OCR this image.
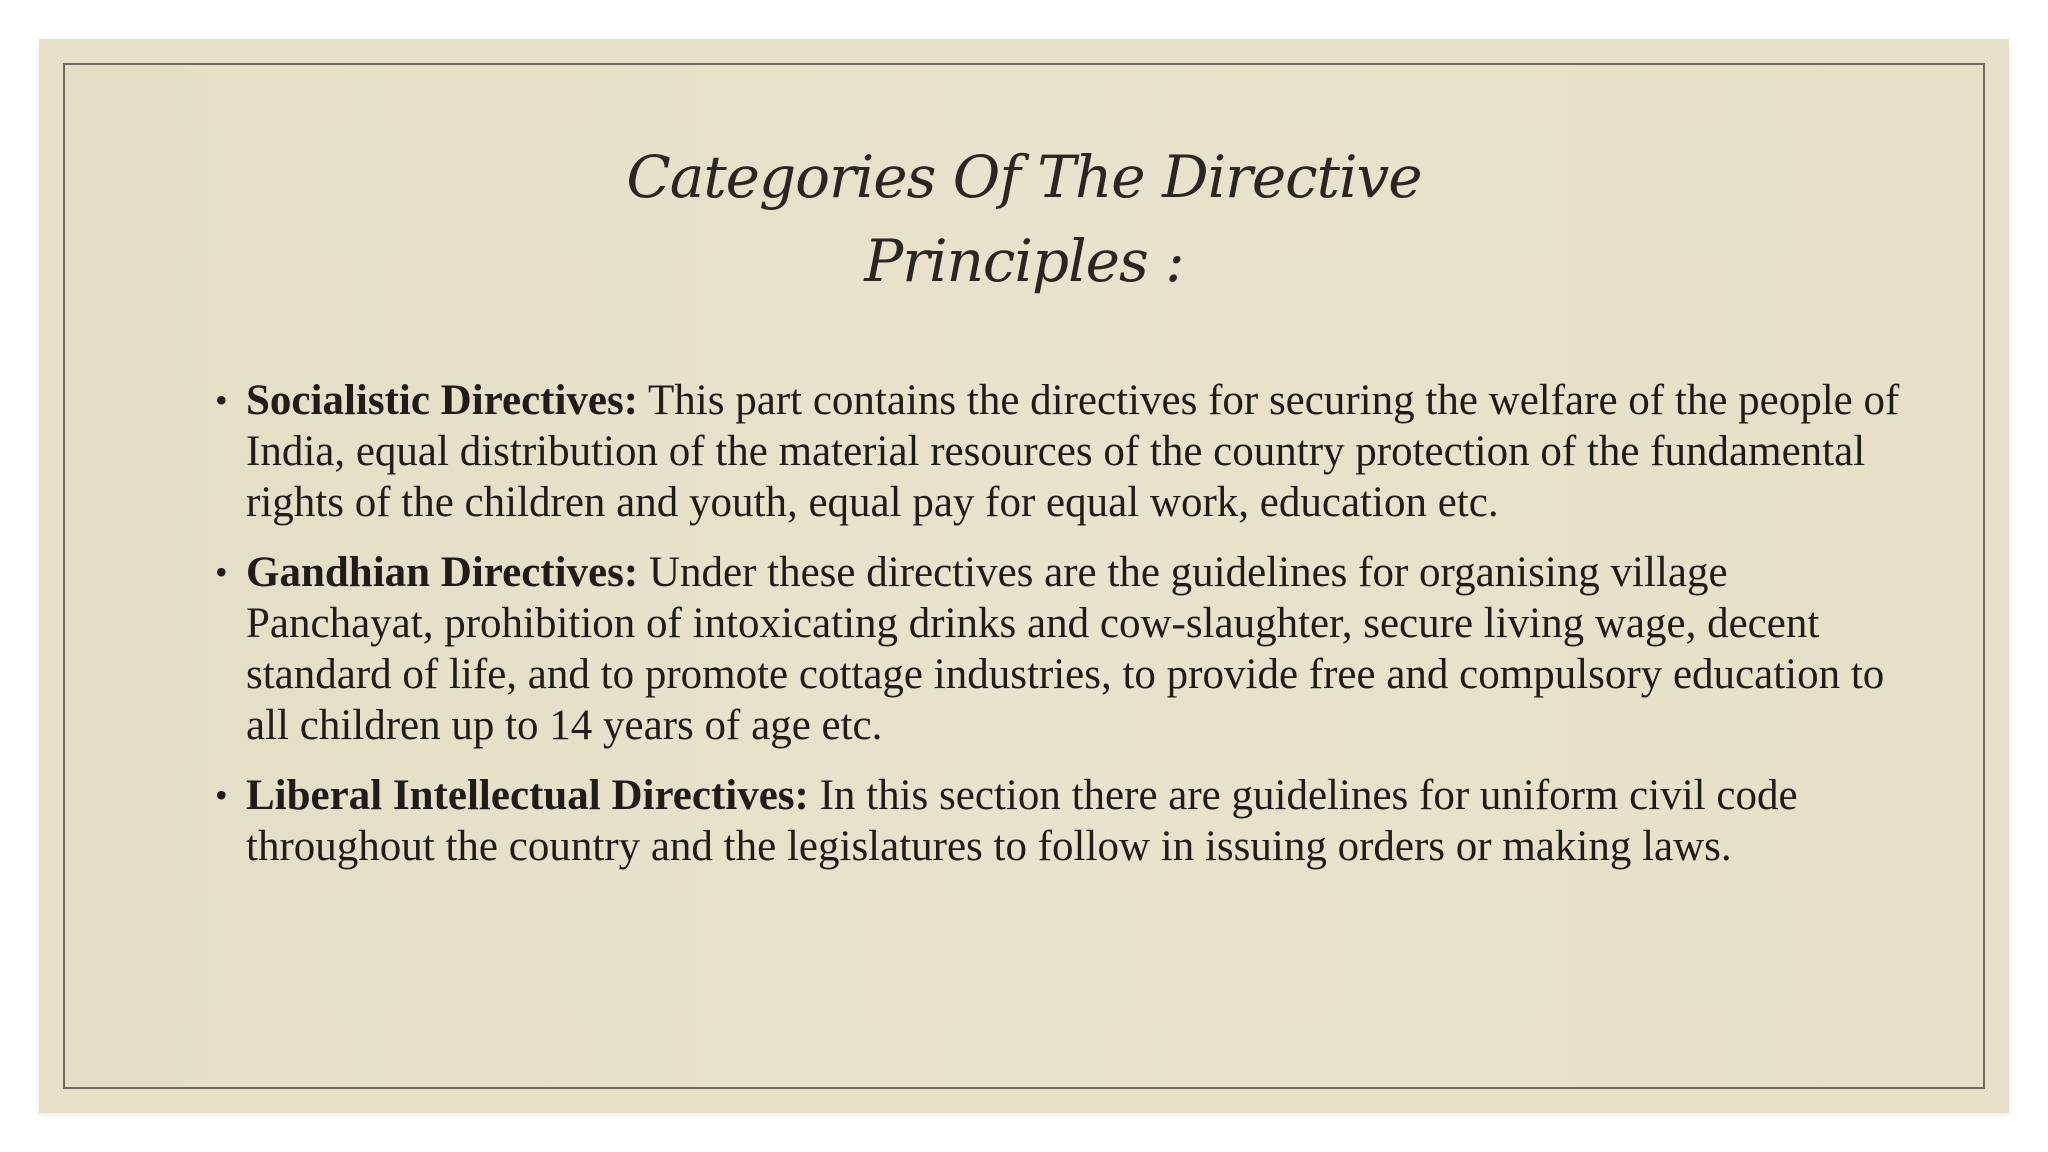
Categories Of The Directive
Principles :
• Socialistic Directives: This part contains the directives for securing the welfare of the people of India, equal distribution of the material resources of the country protection of the fundamental rights of the children and youth, equal pay for equal work, education etc.
• Gandhian Directives: Under these directives are the guidelines for organising village Panchayat, prohibition of intoxicating drinks and cow-slaughter, secure living wage, decent standard of life, and to promote cottage industries, to provide free and compulsory education to all children up to 14 years of age etc.
• Liberal Intellectual Directives: In this section there are guidelines for uniform civil code throughout the country and the legislatures to follow in issuing orders or making laws.
